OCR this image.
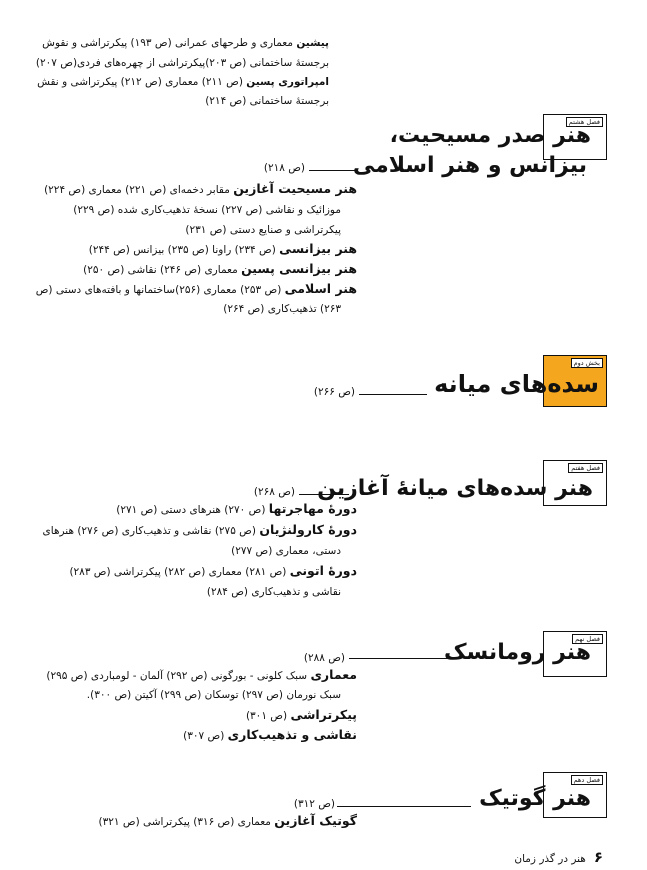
پیشین معماری و طرحهای عمرانی (ص ۱۹۳) پیکرتراشی و نقوش
برجستهٔ ساختمانی (ص ۲۰۳)پیکرتراشی از چهره‌های فردی(ص ۲۰۷)
امپراتوری پسین (ص ۲۱۱) معماری (ص ۲۱۲) پیکرتراشی و نقش
برجستهٔ ساختمانی (ص ۲۱۴)
فصل هشتم
هنر صدر مسیحیت،
بیزانس و هنر اسلامی
(ص ۲۱۸)
هنر مسیحیت آغازین مقابر دخمه‌ای (ص ۲۲۱) معماری (ص ۲۲۴)
موزائیک و نقاشی (ص ۲۲۷) نسخهٔ تذهیب‌کاری شده (ص ۲۲۹)
پیکرتراشی و صنایع دستی (ص ۲۳۱)
هنر بیزانسی (ص ۲۳۴) راونا (ص ۲۳۵) بیزانس (ص ۲۴۴)
هنر بیزانسی پسین معماری (ص ۲۴۶) نقاشی (ص ۲۵۰)
هنر اسلامی (ص ۲۵۳) معماری (۲۵۶)ساختمانها و بافته‌های دستی (ص
۲۶۳) تذهیب‌کاری (ص ۲۶۴)
بخش دوم
سده‌های میانه
(ص ۲۶۶)
فصل هفتم
هنر سده‌های میانهٔ آغازین
(ص ۲۶۸)
دورهٔ مهاجرتها (ص ۲۷۰) هنرهای دستی (ص ۲۷۱)
دورهٔ کارولنژیان (ص ۲۷۵) نقاشی و تذهیب‌کاری (ص ۲۷۶) هنرهای
دستی، معماری (ص ۲۷۷)
دورهٔ اتونی (ص ۲۸۱) معماری (ص ۲۸۲) پیکرتراشی (ص ۲۸۳)
نقاشی و تذهیب‌کاری (ص ۲۸۴)
فصل نهم
هنر رومانسک
(ص ۲۸۸)
معماری سبک کلونی - بورگونی (ص ۲۹۲) آلمان - لومباردی (ص ۲۹۵)
سبک نورمان (ص ۲۹۷) توسکان (ص ۲۹۹) آکیتن (ص ۳۰۰).
پیکرتراشی (ص ۳۰۱)
نقاشی و تذهیب‌کاری (ص ۳۰۷)
فصل دهم
هنر گوتیک
(ص ۳۱۲)
گوتیک آغازین معماری (ص ۳۱۶) پیکرتراشی (ص ۳۲۱)
۶هنر در گذر زمان
